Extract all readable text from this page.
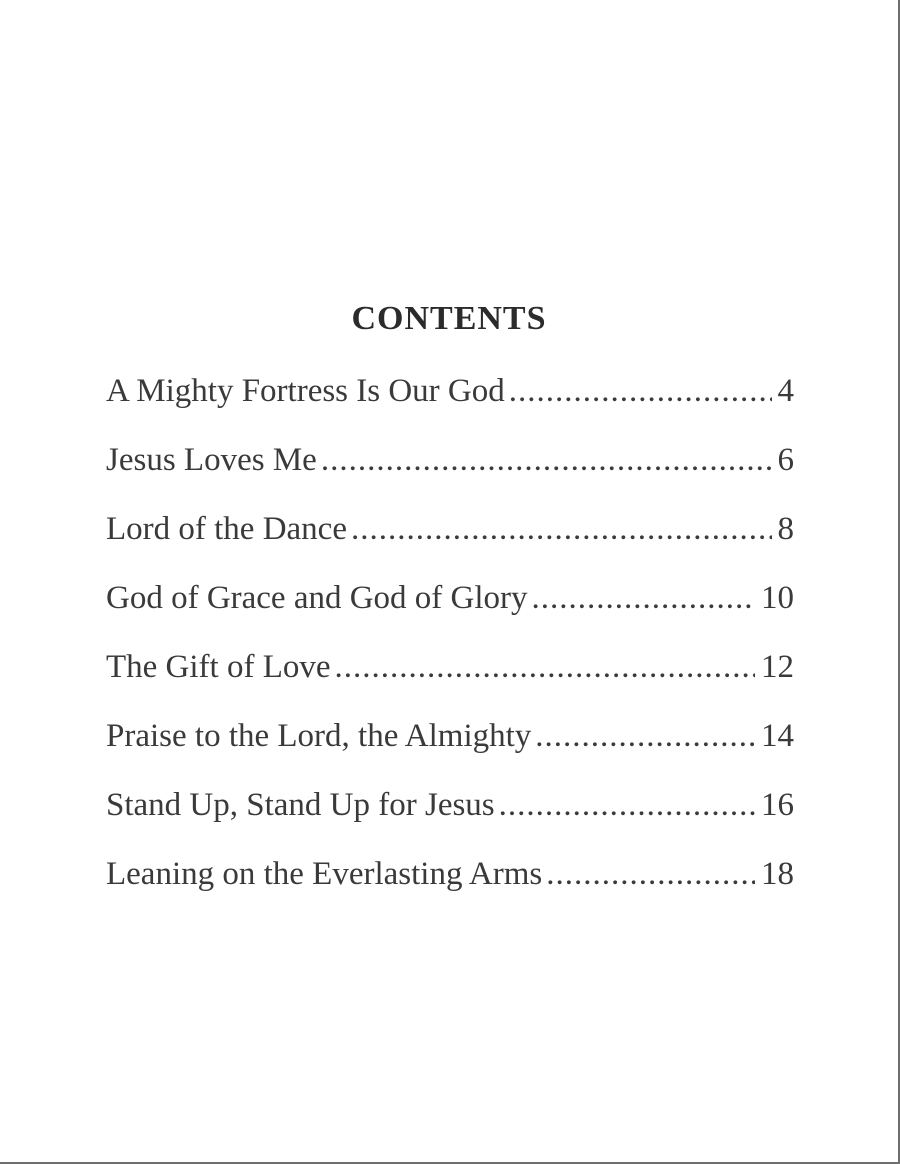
CONTENTS
A Mighty Fortress Is Our God .....	4
Jesus Loves Me .....	6
Lord of the Dance .....	8
God of Grace and God of Glory .....	10
The Gift of Love .....	12
Praise to the Lord, the Almighty .....	14
Stand Up, Stand Up for Jesus .....	16
Leaning on the Everlasting Arms .....	18
